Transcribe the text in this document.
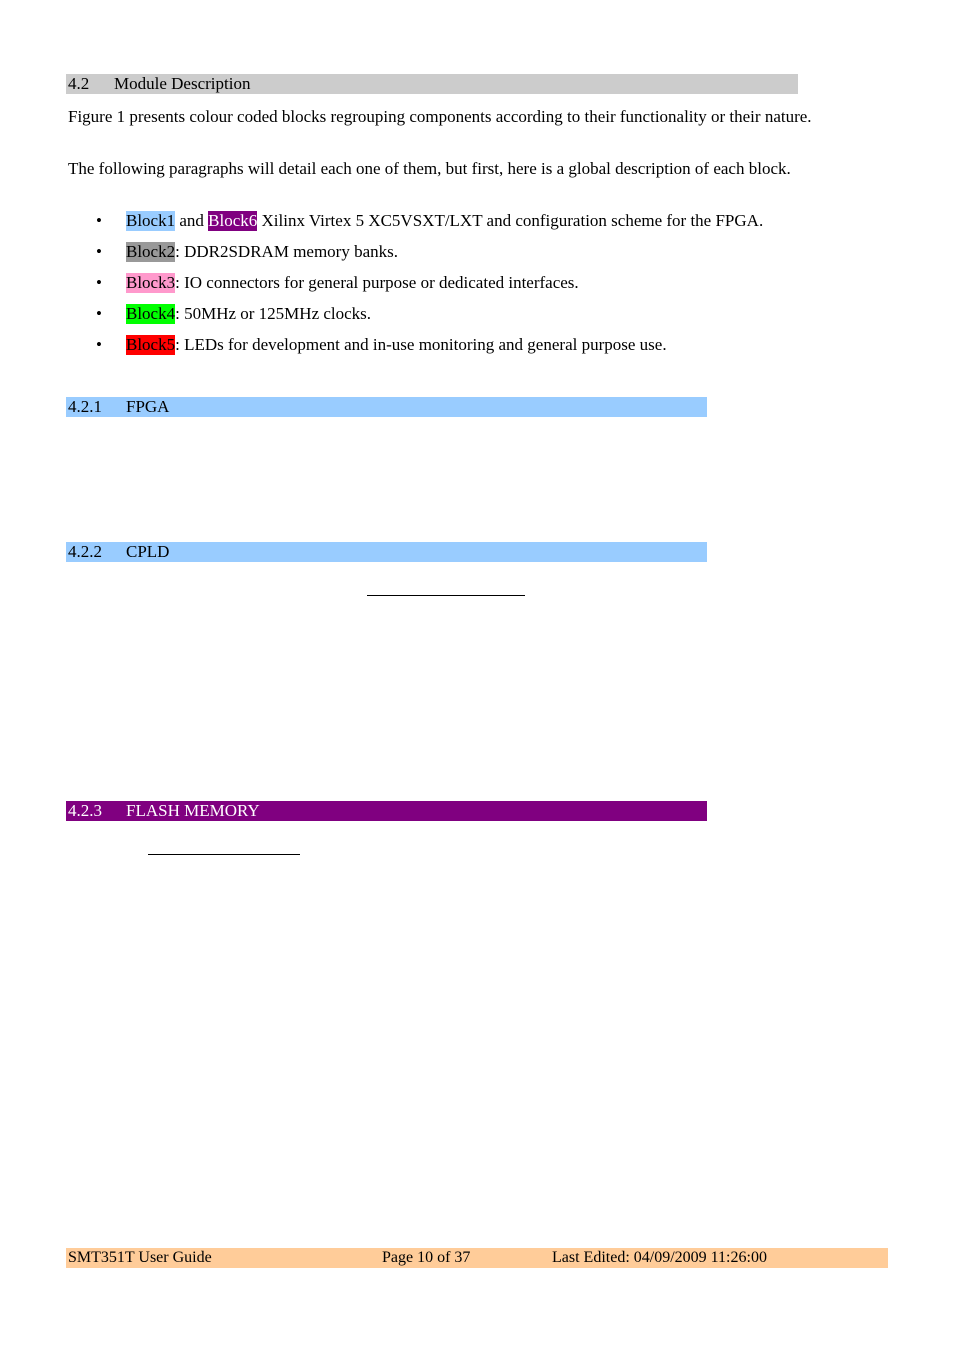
4.2 Module Description

Figure 1 presents colour coded blocks regrouping components according to their functionality or their nature.

The following paragraphs will detail each one of them, but first, here is a global description of each block.

• Block1 and Block6 Xilinx Virtex 5 XC5VSXT/LXT and configuration scheme for the FPGA.
• Block2: DDR2SDRAM memory banks.
• Block3: IO connectors for general purpose or dedicated interfaces.
• Block4: 50MHz or 125MHz clocks.
• Block5: LEDs for development and in-use monitoring and general purpose use.
4.2.1 FPGA
4.2.2 CPLD
4.2.3 FLASH MEMORY
SMT351T User Guide	Page 10 of 37	Last Edited: 04/09/2009 11:26:00
